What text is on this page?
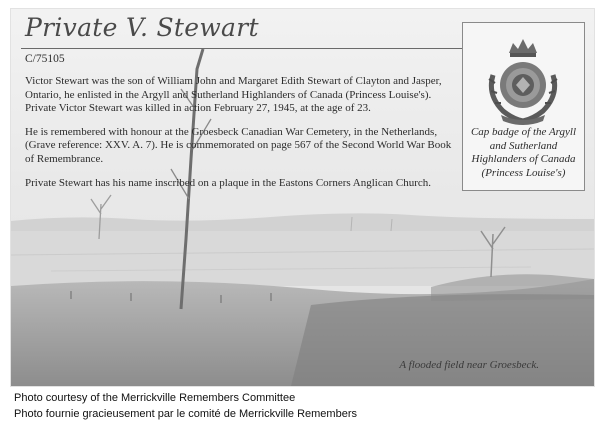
Private V. Stewart
C/75105

Victor Stewart was the son of William John and Margaret Edith Stewart of Clayton and Jasper, Ontario, he enlisted in the Argyll and Sutherland Highlanders of Canada (Princess Louise's). Private Victor Stewart was killed in action February 27, 1945, at the age of 23.

He is remembered with honour at the Groesbeck Canadian War Cemetery, in the Netherlands, (Grave reference: XXV. A. 7). He is commemorated on page 567 of the Second World War Book of Remembrance.

Private Stewart has his name inscribed on a plaque in the Eastons Corners Anglican Church.

Cap badge of the Argyll and Sutherland Highlanders of Canada (Princess Louise's)
A flooded field near Groesbeck.
Photo courtesy of the Merrickville Remembers Committee
Photo fournie gracieusement par le comité de Merrickville Remembers
